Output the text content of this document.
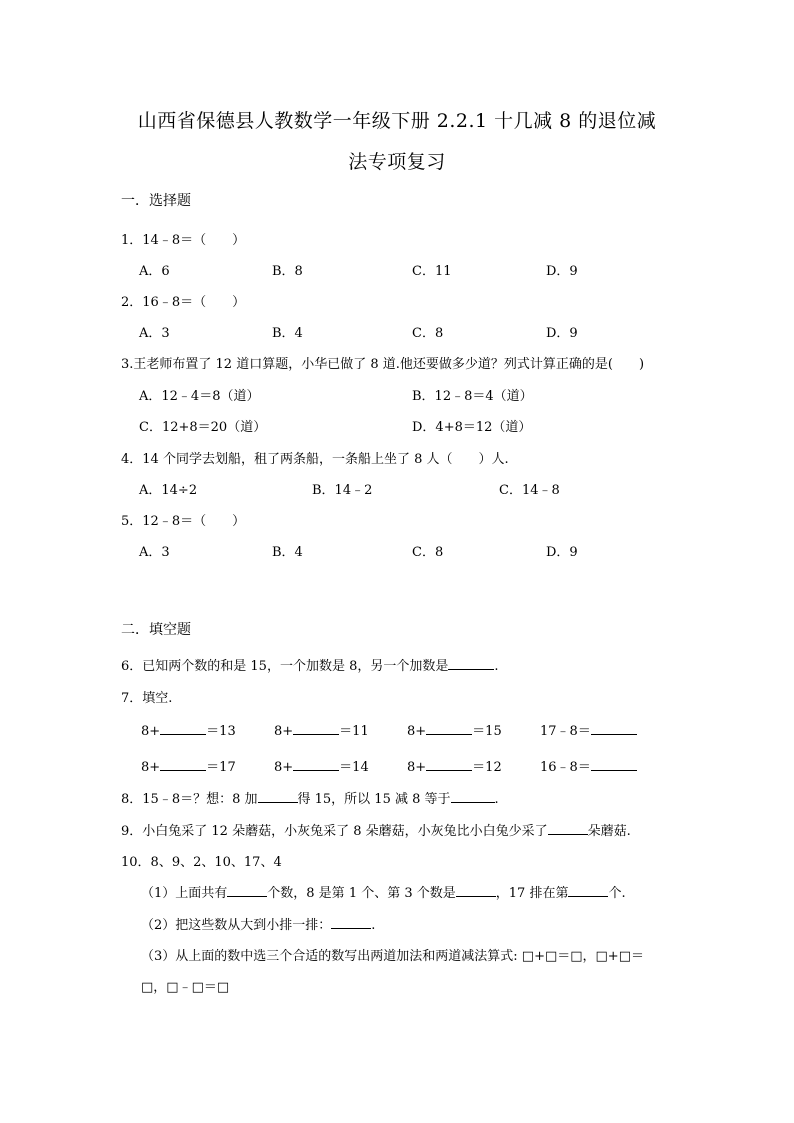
山西省保德县人教数学一年级下册 2.2.1 十几减 8 的退位减
法专项复习
一．选择题
1．14﹣8＝（　　）
A．6	B．8	C．11	D．9
2．16﹣8＝（　　）
A．3	B．4	C．8	D．9
3.王老师布置了 12 道口算题，小华已做了 8 道.他还要做多少道？列式计算正确的是(　　)
A．12﹣4＝8（道）	B．12﹣8＝4（道）
C．12+8＝20（道）	D．4+8＝12（道）
4．14 个同学去划船，租了两条船，一条船上坐了 8 人（　　）人.
A．14÷2	B．14﹣2	C．14﹣8
5．12﹣8＝（　　）
A．3	B．4	C．8	D．9
二．填空题
6．已知两个数的和是 15，一个加数是 8，另一个加数是	.
7．填空.
8+	＝13	8+	＝11	8+	＝15	17﹣8＝
8+	＝17	8+	＝14	8+	＝12	16﹣8＝
8．15﹣8＝？想：8 加	得 15，所以 15 减 8 等于	.
9．小白兔采了 12 朵蘑菇，小灰兔采了 8 朵蘑菇，小灰兔比小白兔少采了	朵蘑菇.
10．8、9、2、10、17、4
（1）上面共有	个数，8 是第 1 个、第 3 个数是	，17 排在第	个.
（2）把这些数从大到小排一排：	.
（3）从上面的数中选三个合适的数写出两道加法和两道减法算式: □+□＝□，□+□＝
□，□﹣□＝□
